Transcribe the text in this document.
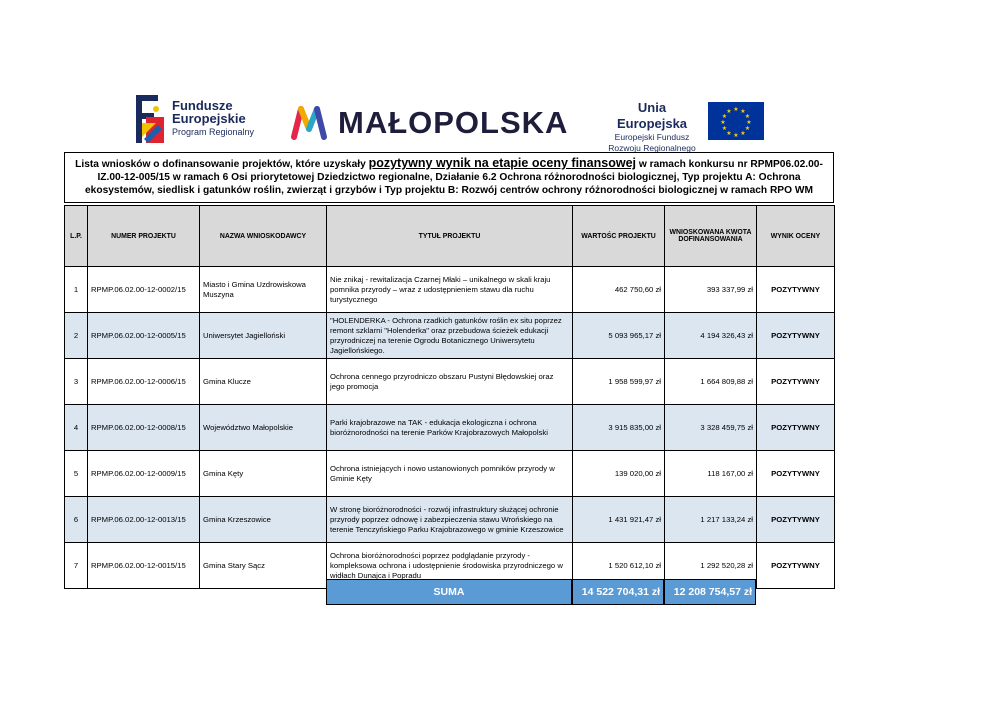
Fundusze
Europejskie
Program Regionalny	MAŁOPOLSKA	Unia Europejska
Europejski Fundusz
Rozwoju Regionalnego
★ ★
★
★
★
★
★
★
★
★
★
★
Lista wniosków o dofinansowanie projektów, które uzyskały pozytywny wynik na etapie oceny finansowej w ramach konkursu nr RPMP06.02.00-IZ.00-12-005/15 w ramach 6 Osi priorytetowej Dziedzictwo regionalne, Działanie 6.2 Ochrona różnorodności biologicznej, Typ projektu A: Ochrona ekosystemów, siedlisk i gatunków roślin, zwierząt i grzybów i Typ projektu B: Rozwój centrów ochrony różnorodności biologicznej w ramach RPO WM
L.P.	NUMER PROJEKTU	NAZWA WNIOSKODAWCY	TYTUŁ PROJEKTU	WARTOŚC PROJEKTU	WNIOSKOWANA KWOTA DOFINANSOWANIA	WYNIK OCENY
1	RPMP.06.02.00-12-0002/15	Miasto i Gmina Uzdrowiskowa Muszyna	Nie znikaj - rewitalizacja Czarnej Młaki – unikalnego w skali kraju pomnika przyrody – wraz z udostępnieniem stawu dla ruchu turystycznego	462 750,60 zł	393 337,99 zł	POZYTYWNY
2	RPMP.06.02.00-12-0005/15	Uniwersytet Jagielloński	"HOLENDERKA - Ochrona rzadkich gatunków roślin ex situ poprzez remont szklarni "Holenderka" oraz przebudowa ścieżek edukacji przyrodniczej na terenie Ogrodu Botanicznego Uniwersytetu Jagiellońskiego.	5 093 965,17 zł	4 194 326,43 zł	POZYTYWNY
3	RPMP.06.02.00-12-0006/15	Gmina Klucze	Ochrona cennego przyrodniczo obszaru Pustyni Błędowskiej oraz jego promocja	1 958 599,97 zł	1 664 809,88 zł	POZYTYWNY
4	RPMP.06.02.00-12-0008/15	Województwo Małopolskie	Parki krajobrazowe na TAK - edukacja ekologiczna i ochrona bioróżnorodności na terenie Parków Krajobrazowych Małopolski	3 915 835,00 zł	3 328 459,75 zł	POZYTYWNY
5	RPMP.06.02.00-12-0009/15	Gmina Kęty	Ochrona istniejących i nowo ustanowionych pomników przyrody w Gminie Kęty	139 020,00 zł	118 167,00 zł	POZYTYWNY
6	RPMP.06.02.00-12-0013/15	Gmina Krzeszowice	W stronę bioróżnorodności - rozwój infrastruktury służącej ochronie przyrody poprzez odnowę i zabezpieczenia stawu Wrońskiego na terenie Tenczyńskiego Parku Krajobrazowego w gminie Krzeszowice	1 431 921,47 zł	1 217 133,24 zł	POZYTYWNY
7	RPMP.06.02.00-12-0015/15	Gmina Stary Sącz	Ochrona bioróżnorodności poprzez podglądanie przyrody - kompleksowa ochrona i udostępnienie środowiska przyrodniczego w widłach Dunajca i Popradu	1 520 612,10 zł	1 292 520,28 zł	POZYTYWNY
SUMA	14 522 704,31 zł	12 208 754,57 zł
